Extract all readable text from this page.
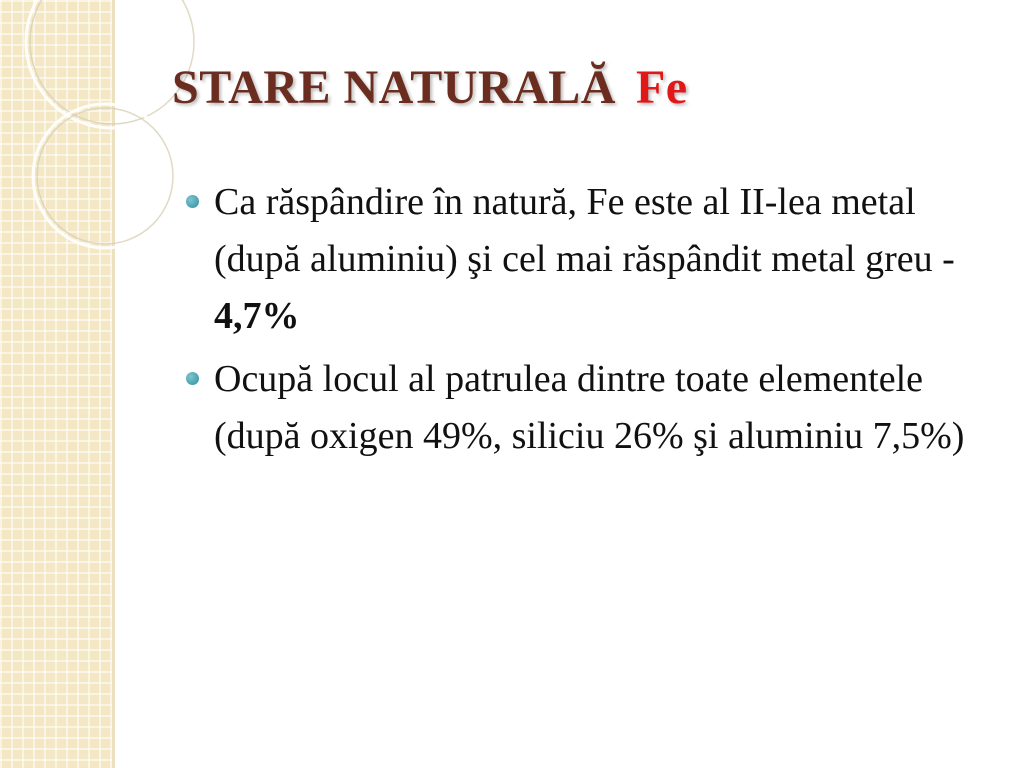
STARE NATURALĂ Fe
Ca răspândire în natură, Fe este al II-lea metal (după aluminiu) şi cel mai răspândit metal greu - 4,7%
Ocupă locul al patrulea dintre toate elementele (după oxigen 49%, siliciu 26% şi aluminiu 7,5%)
